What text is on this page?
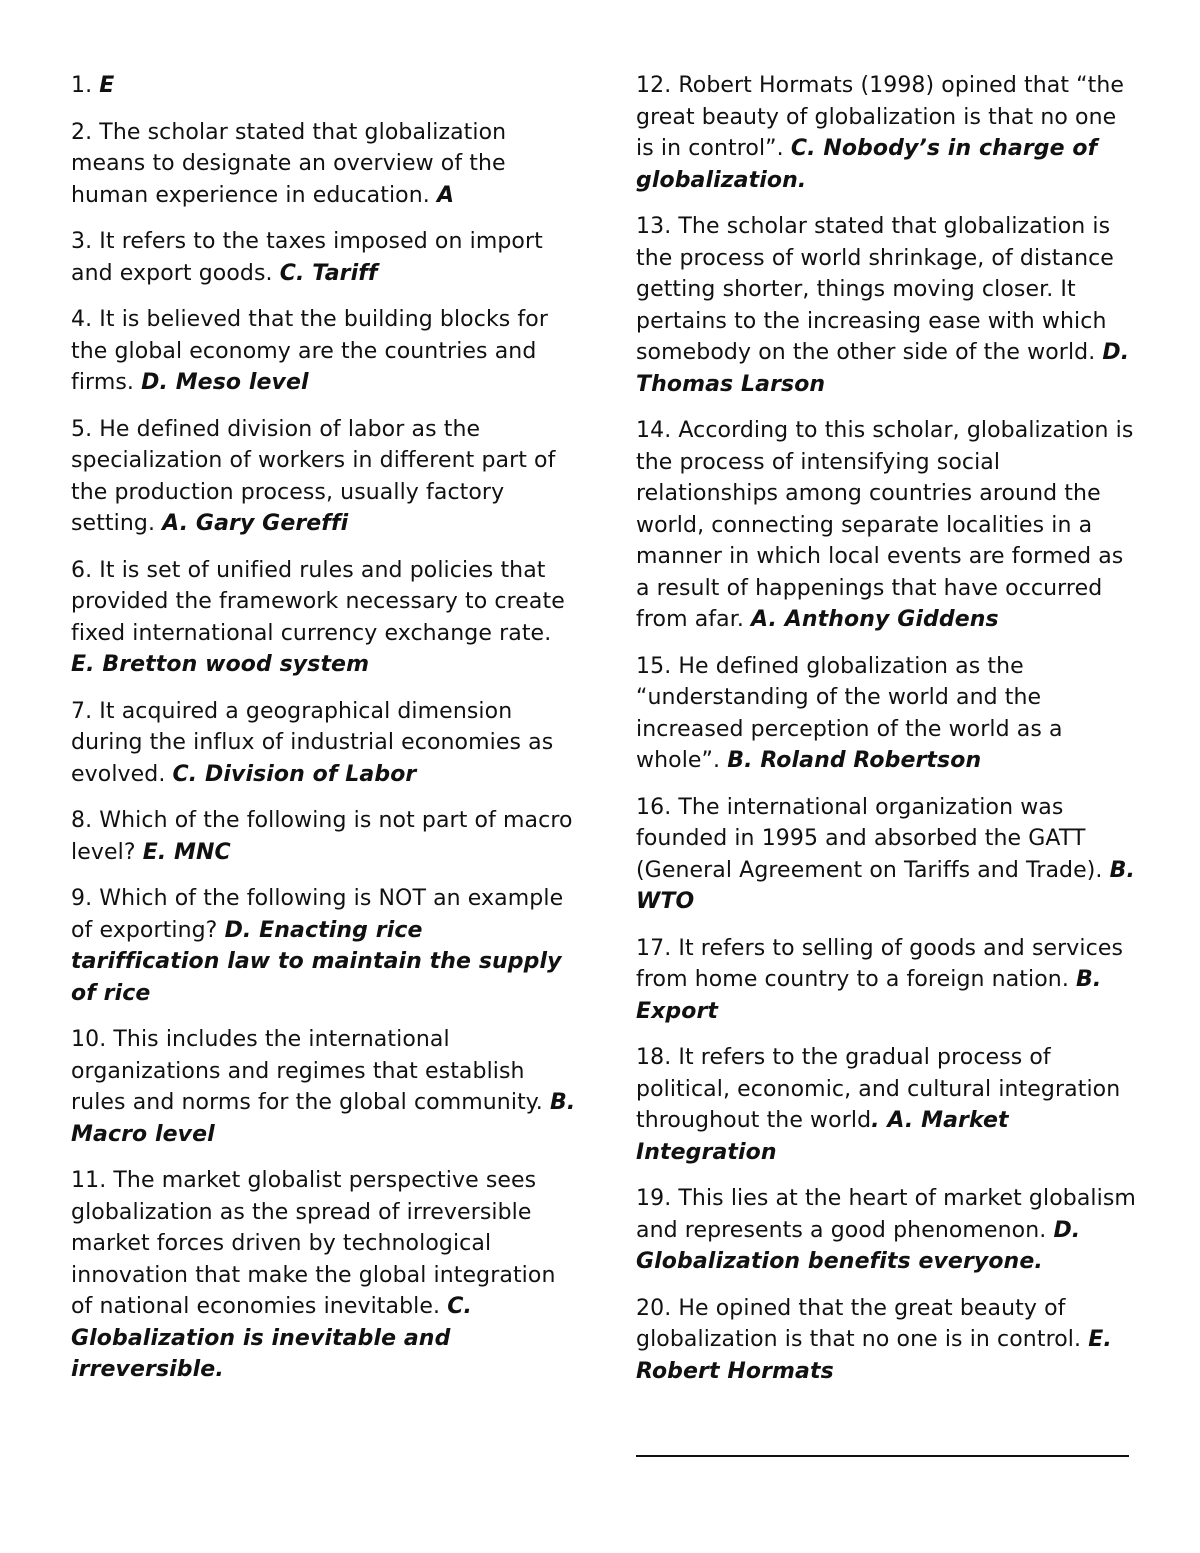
1. E

2. The scholar stated that globalization means to designate an overview of the human experience in education. A

3. It refers to the taxes imposed on import and export goods. C. Tariff

4. It is believed that the building blocks for the global economy are the countries and firms. D. Meso level

5. He defined division of labor as the specialization of workers in different part of the production process, usually factory setting. A. Gary Gereffi

6. It is set of unified rules and policies that provided the framework necessary to create fixed international currency exchange rate. E. Bretton wood system

7. It acquired a geographical dimension during the influx of industrial economies as evolved. C. Division of Labor

8. Which of the following is not part of macro level? E. MNC

9. Which of the following is NOT an example of exporting? D. Enacting rice tariffication law to maintain the supply of rice

10. This includes the international organizations and regimes that establish rules and norms for the global community. B. Macro level

11. The market globalist perspective sees globalization as the spread of irreversible market forces driven by technological innovation that make the global integration of national economies inevitable. C. Globalization is inevitable and irreversible.

12. Robert Hormats (1998) opined that “the great beauty of globalization is that no one is in control”. C. Nobody’s in charge of globalization.

13. The scholar stated that globalization is the process of world shrinkage, of distance getting shorter, things moving closer. It pertains to the increasing ease with which somebody on the other side of the world. D. Thomas Larson

14. According to this scholar, globalization is the process of intensifying social relationships among countries around the world, connecting separate localities in a manner in which local events are formed as a result of happenings that have occurred from afar. A. Anthony Giddens

15. He defined globalization as the “understanding of the world and the increased perception of the world as a whole”. B. Roland Robertson

16. The international organization was founded in 1995 and absorbed the GATT (General Agreement on Tariffs and Trade). B. WTO

17. It refers to selling of goods and services from home country to a foreign nation. B. Export

18. It refers to the gradual process of political, economic, and cultural integration throughout the world. A. Market Integration

19. This lies at the heart of market globalism and represents a good phenomenon. D. Globalization benefits everyone.

20. He opined that the great beauty of globalization is that no one is in control. E. Robert Hormats
